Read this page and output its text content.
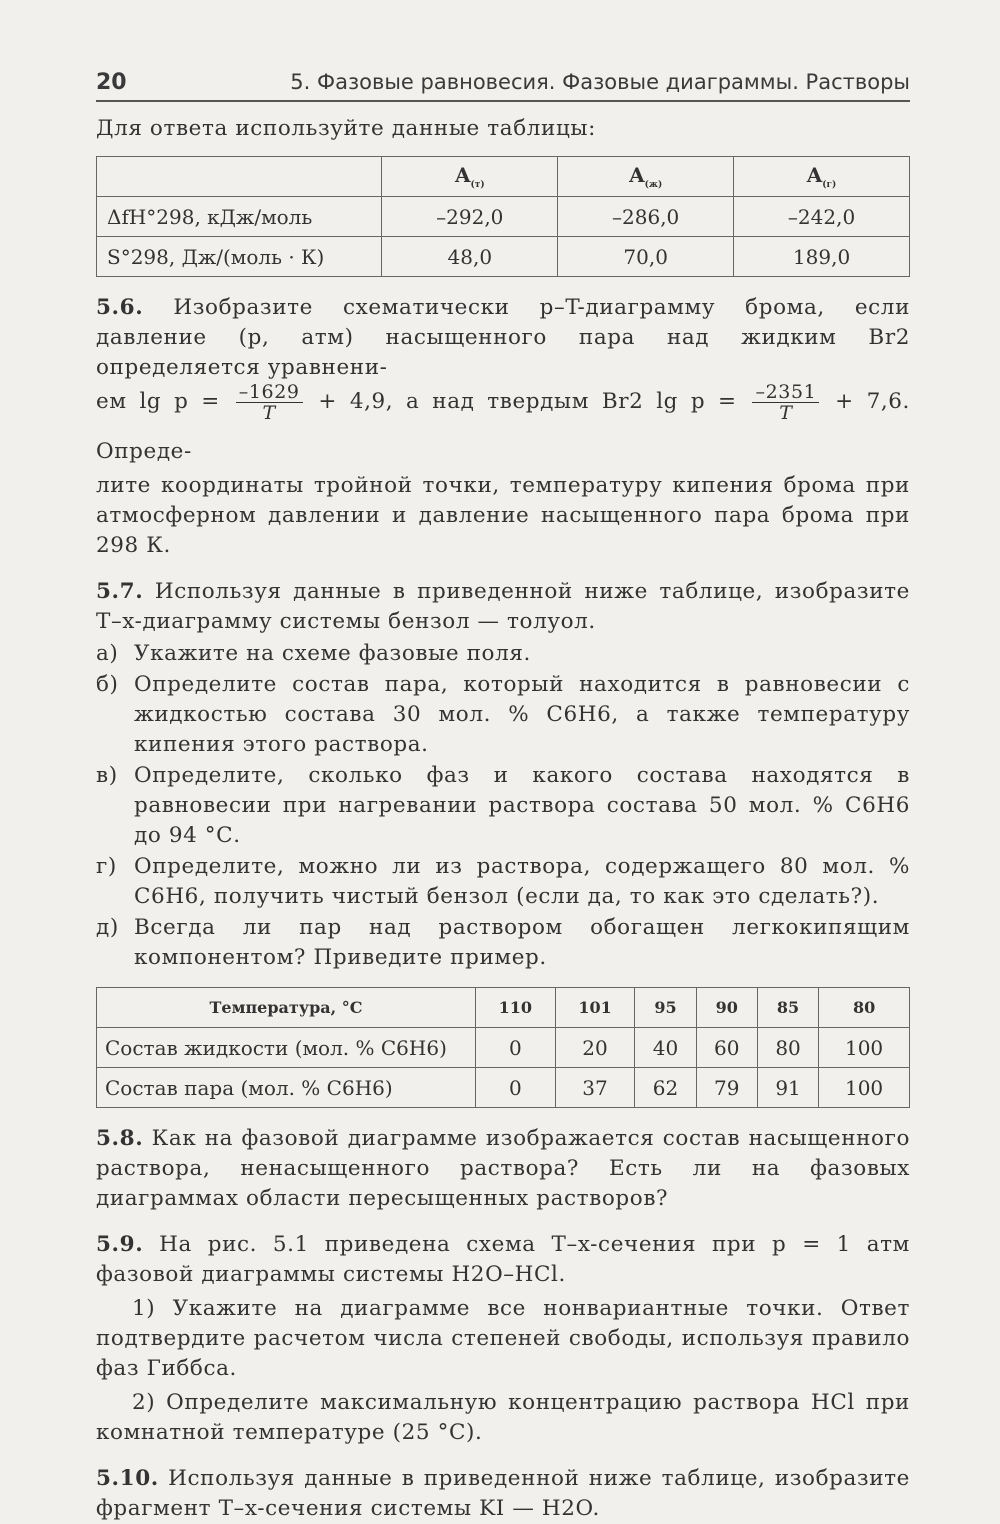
20	5. Фазовые равновесия. Фазовые диаграммы. Растворы

Для ответа используйте данные таблицы:

	$A_{(т)}$	$A_{(ж)}$	$A_{(г)}$
ΔfH°298, кДж/моль	–292,0	–286,0	–242,0
S°298, Дж/(моль · К)	48,0	70,0	189,0

5.6. Изобразите схематически p–T-диаграмму брома, если давление (p, атм) насыщенного пара над жидким Br2 определяется уравнени-

ем $\lg p = \frac{-1629}{T} + 4,9$, а над твердым Br2 $\lg p = \frac{-2351}{T} + 7,6$. Опреде-

лите координаты тройной точки, температуру кипения брома при атмосферном давлении и давление насыщенного пара брома при 298 К.

5.7. Используя данные в приведенной ниже таблице, изобразите T–x-диаграмму системы бензол — толуол.

а) Укажите на схеме фазовые поля.
б) Определите состав пара, который находится в равновесии с жидкостью состава 30 мол. % C6H6, а также температуру кипения этого раствора.
в) Определите, сколько фаз и какого состава находятся в равновесии при нагревании раствора состава 50 мол. % C6H6 до 94 °С.
г) Определите, можно ли из раствора, содержащего 80 мол. % C6H6, получить чистый бензол (если да, то как это сделать?).
д) Всегда ли пар над раствором обогащен легкокипящим компонентом? Приведите пример.
Температура, °С	110	101	95	90	85	80
Состав жидкости (мол. % C6H6)	0	20	40	60	80	100
Состав пара (мол. % C6H6)	0	37	62	79	91	100

5.8. Как на фазовой диаграмме изображается состав насыщенного раствора, ненасыщенного раствора? Есть ли на фазовых диаграммах области пересыщенных растворов?

5.9. На рис. 5.1 приведена схема T–x-сечения при p = 1 атм фазовой диаграммы системы H2O–HCl.

1) Укажите на диаграмме все нонвариантные точки. Ответ подтвердите расчетом числа степеней свободы, используя правило фаз Гиббса.

2) Определите максимальную концентрацию раствора HCl при комнатной температуре (25 °С).

5.10. Используя данные в приведенной ниже таблице, изобразите фрагмент T–x-сечения системы KI — H2O.
